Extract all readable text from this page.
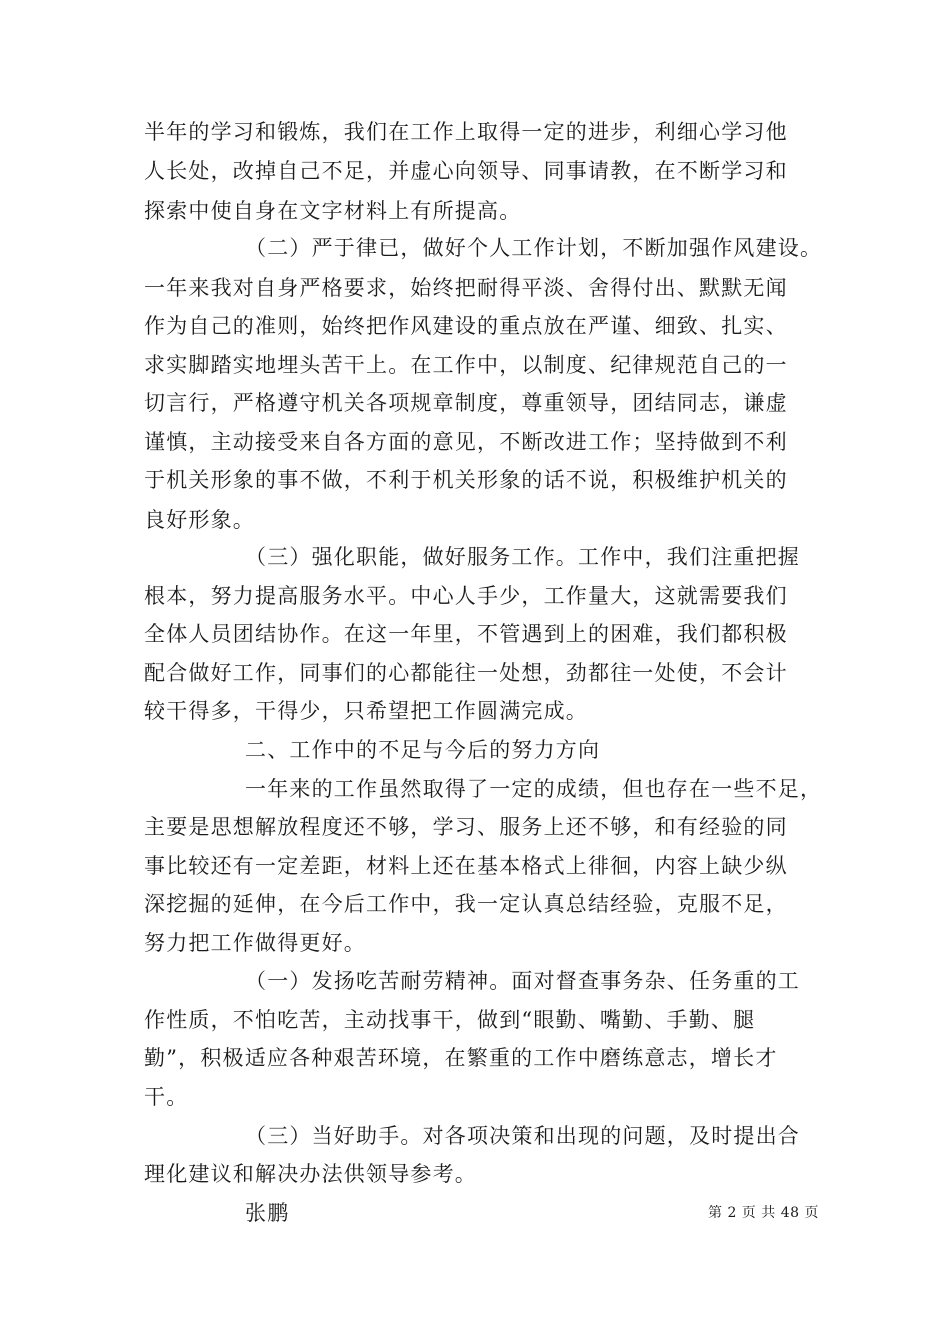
半年的学习和锻炼，我们在工作上取得一定的进步，利细心学习他
人长处，改掉自己不足，并虚心向领导、同事请教，在不断学习和
探索中使自身在文字材料上有所提高。
（二）严于律已，做好个人工作计划，不断加强作风建设。
一年来我对自身严格要求，始终把耐得平淡、舍得付出、默默无闻
作为自己的准则，始终把作风建设的重点放在严谨、细致、扎实、
求实脚踏实地埋头苦干上。在工作中，以制度、纪律规范自己的一
切言行，严格遵守机关各项规章制度，尊重领导，团结同志，谦虚
谨慎，主动接受来自各方面的意见，不断改进工作；坚持做到不利
于机关形象的事不做，不利于机关形象的话不说，积极维护机关的
良好形象。
（三）强化职能，做好服务工作。工作中，我们注重把握
根本，努力提高服务水平。中心人手少，工作量大，这就需要我们
全体人员团结协作。在这一年里，不管遇到上的困难，我们都积极
配合做好工作，同事们的心都能往一处想，劲都往一处使，不会计
较干得多，干得少，只希望把工作圆满完成。
二、工作中的不足与今后的努力方向
一年来的工作虽然取得了一定的成绩，但也存在一些不足，
主要是思想解放程度还不够，学习、服务上还不够，和有经验的同
事比较还有一定差距，材料上还在基本格式上徘徊，内容上缺少纵
深挖掘的延伸，在今后工作中，我一定认真总结经验，克服不足，
努力把工作做得更好。
（一）发扬吃苦耐劳精神。面对督查事务杂、任务重的工
作性质，不怕吃苦，主动找事干，做到“眼勤、嘴勤、手勤、腿
勤”，积极适应各种艰苦环境，在繁重的工作中磨练意志，增长才
干。
（三）当好助手。对各项决策和出现的问题，及时提出合
理化建议和解决办法供领导参考。
张鹏	第 2 页 共 48 页
